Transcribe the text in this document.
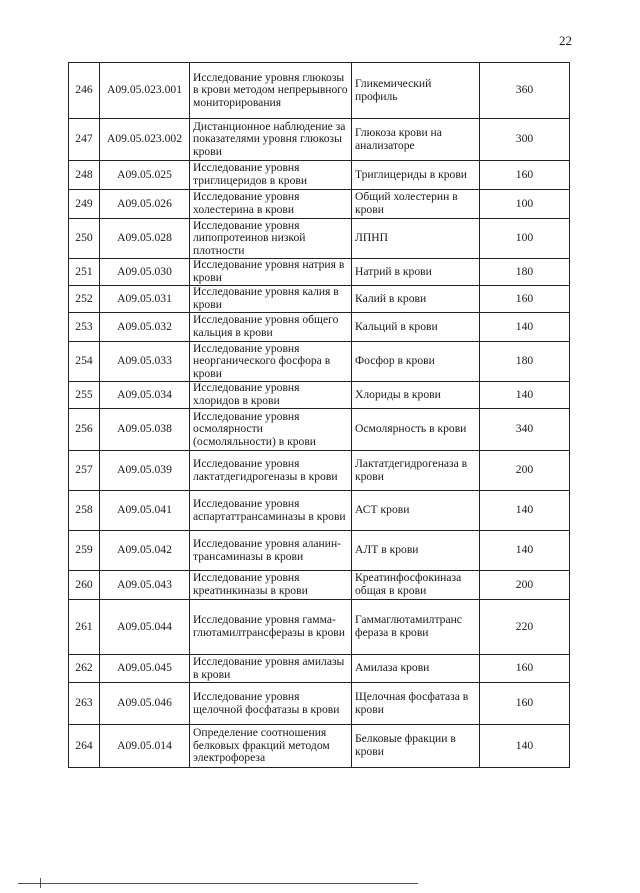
22
246	A09.05.023.001	Исследование уровня глюкозы в крови методом непрерывного мониторирования	Гликемический профиль	360
247	A09.05.023.002	Дистанционное наблюдение за показателями уровня глюкозы крови	Глюкоза крови на анализаторе	300
248	A09.05.025	Исследование уровня триглицеридов в крови	Триглицериды в крови	160
249	A09.05.026	Исследование уровня холестерина в крови	Общий холестерин в крови	100
250	A09.05.028	Исследование уровня липопротеинов низкой плотности	ЛПНП	100
251	A09.05.030	Исследование уровня натрия в крови	Натрий в крови	180
252	A09.05.031	Исследование уровня калия в крови	Калий в крови	160
253	A09.05.032	Исследование уровня общего кальция в крови	Кальций в крови	140
254	A09.05.033	Исследование уровня неорганического фосфора в крови	Фосфор в крови	180
255	A09.05.034	Исследование уровня хлоридов в крови	Хлориды в крови	140
256	A09.05.038	Исследование уровня осмолярности (осмоляльности) в крови	Осмолярность в крови	340
257	A09.05.039	Исследование уровня лактатдегидрогеназы в крови	Лактатдегидрогеназа в крови	200
258	A09.05.041	Исследование уровня аспартаттрансаминазы в крови	АСТ крови	140
259	A09.05.042	Исследование уровня аланин-трансаминазы в крови	АЛТ в крови	140
260	A09.05.043	Исследование уровня креатинкиназы в крови	Креатинфосфокиназа общая в крови	200
261	A09.05.044	Исследование уровня гамма-глютамилтрансферазы в крови	Гаммаглютамилтранс фераза в крови	220
262	A09.05.045	Исследование уровня амилазы в крови	Амилаза крови	160
263	A09.05.046	Исследование уровня щелочной фосфатазы в крови	Щелочная фосфатаза в крови	160
264	A09.05.014	Определение соотношения белковых фракций методом электрофореза	Белковые фракции в крови	140
